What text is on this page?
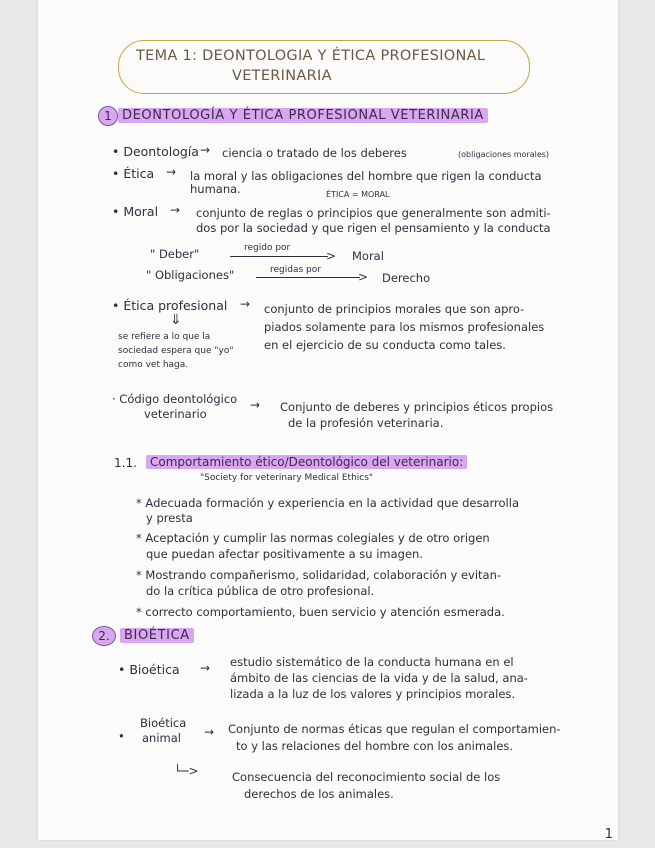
TEMA 1: DEONTOLOGIA Y ÉTICA PROFESIONAL
VETERINARIA
1 DEONTOLOGÍA Y ÉTICA PROFESIONAL VETERINARIA
• Deontología → ciencia o tratado de los deberes	(obligaciones morales)
• Ética → la moral y las obligaciones del hombre que rigen la conducta
humana.	ÉTICA = MORAL
• Moral → conjunto de reglas o principios que generalmente son admiti-
dos por la sociedad y que rigen el pensamiento y la conducta
" Deber"	regido por
> Moral
" Obligaciones"	regidas por	> Derecho
• Ética profesional →
⇓
conjunto de principios morales que son apro-
piados solamente para los mismos profesionales
en el ejercicio de su conducta como tales.
se refiere a lo que la
sociedad espera que "yo"
como vet haga.
· Código deontológico
veterinario
→ Conjunto de deberes y principios éticos propios
de la profesión veterinaria.
1.1.	Comportamiento ético/Deontológico del veterinario:
"Society for veterinary Medical Ethics"
* Adecuada formación y experiencia en la actividad que desarrolla
y presta
* Aceptación y cumplir las normas colegiales y de otro origen
que puedan afectar positivamente a su imagen.
* Mostrando compañerismo, solidaridad, colaboración y evitan-
do la crítica pública de otro profesional.
* correcto comportamiento, buen servicio y atención esmerada.
2.	BIOÉTICA
• Bioética → estudio sistemático de la conducta humana en el
ámbito de las ciencias de la vida y de la salud, ana-
lizada a la luz de los valores y principios morales.
•
Bioética
animal → Conjunto de normas éticas que regulan el comportamien-
to y las relaciones del hombre con los animales.
└─>	Consecuencia del reconocimiento social de los
derechos de los animales.
1
